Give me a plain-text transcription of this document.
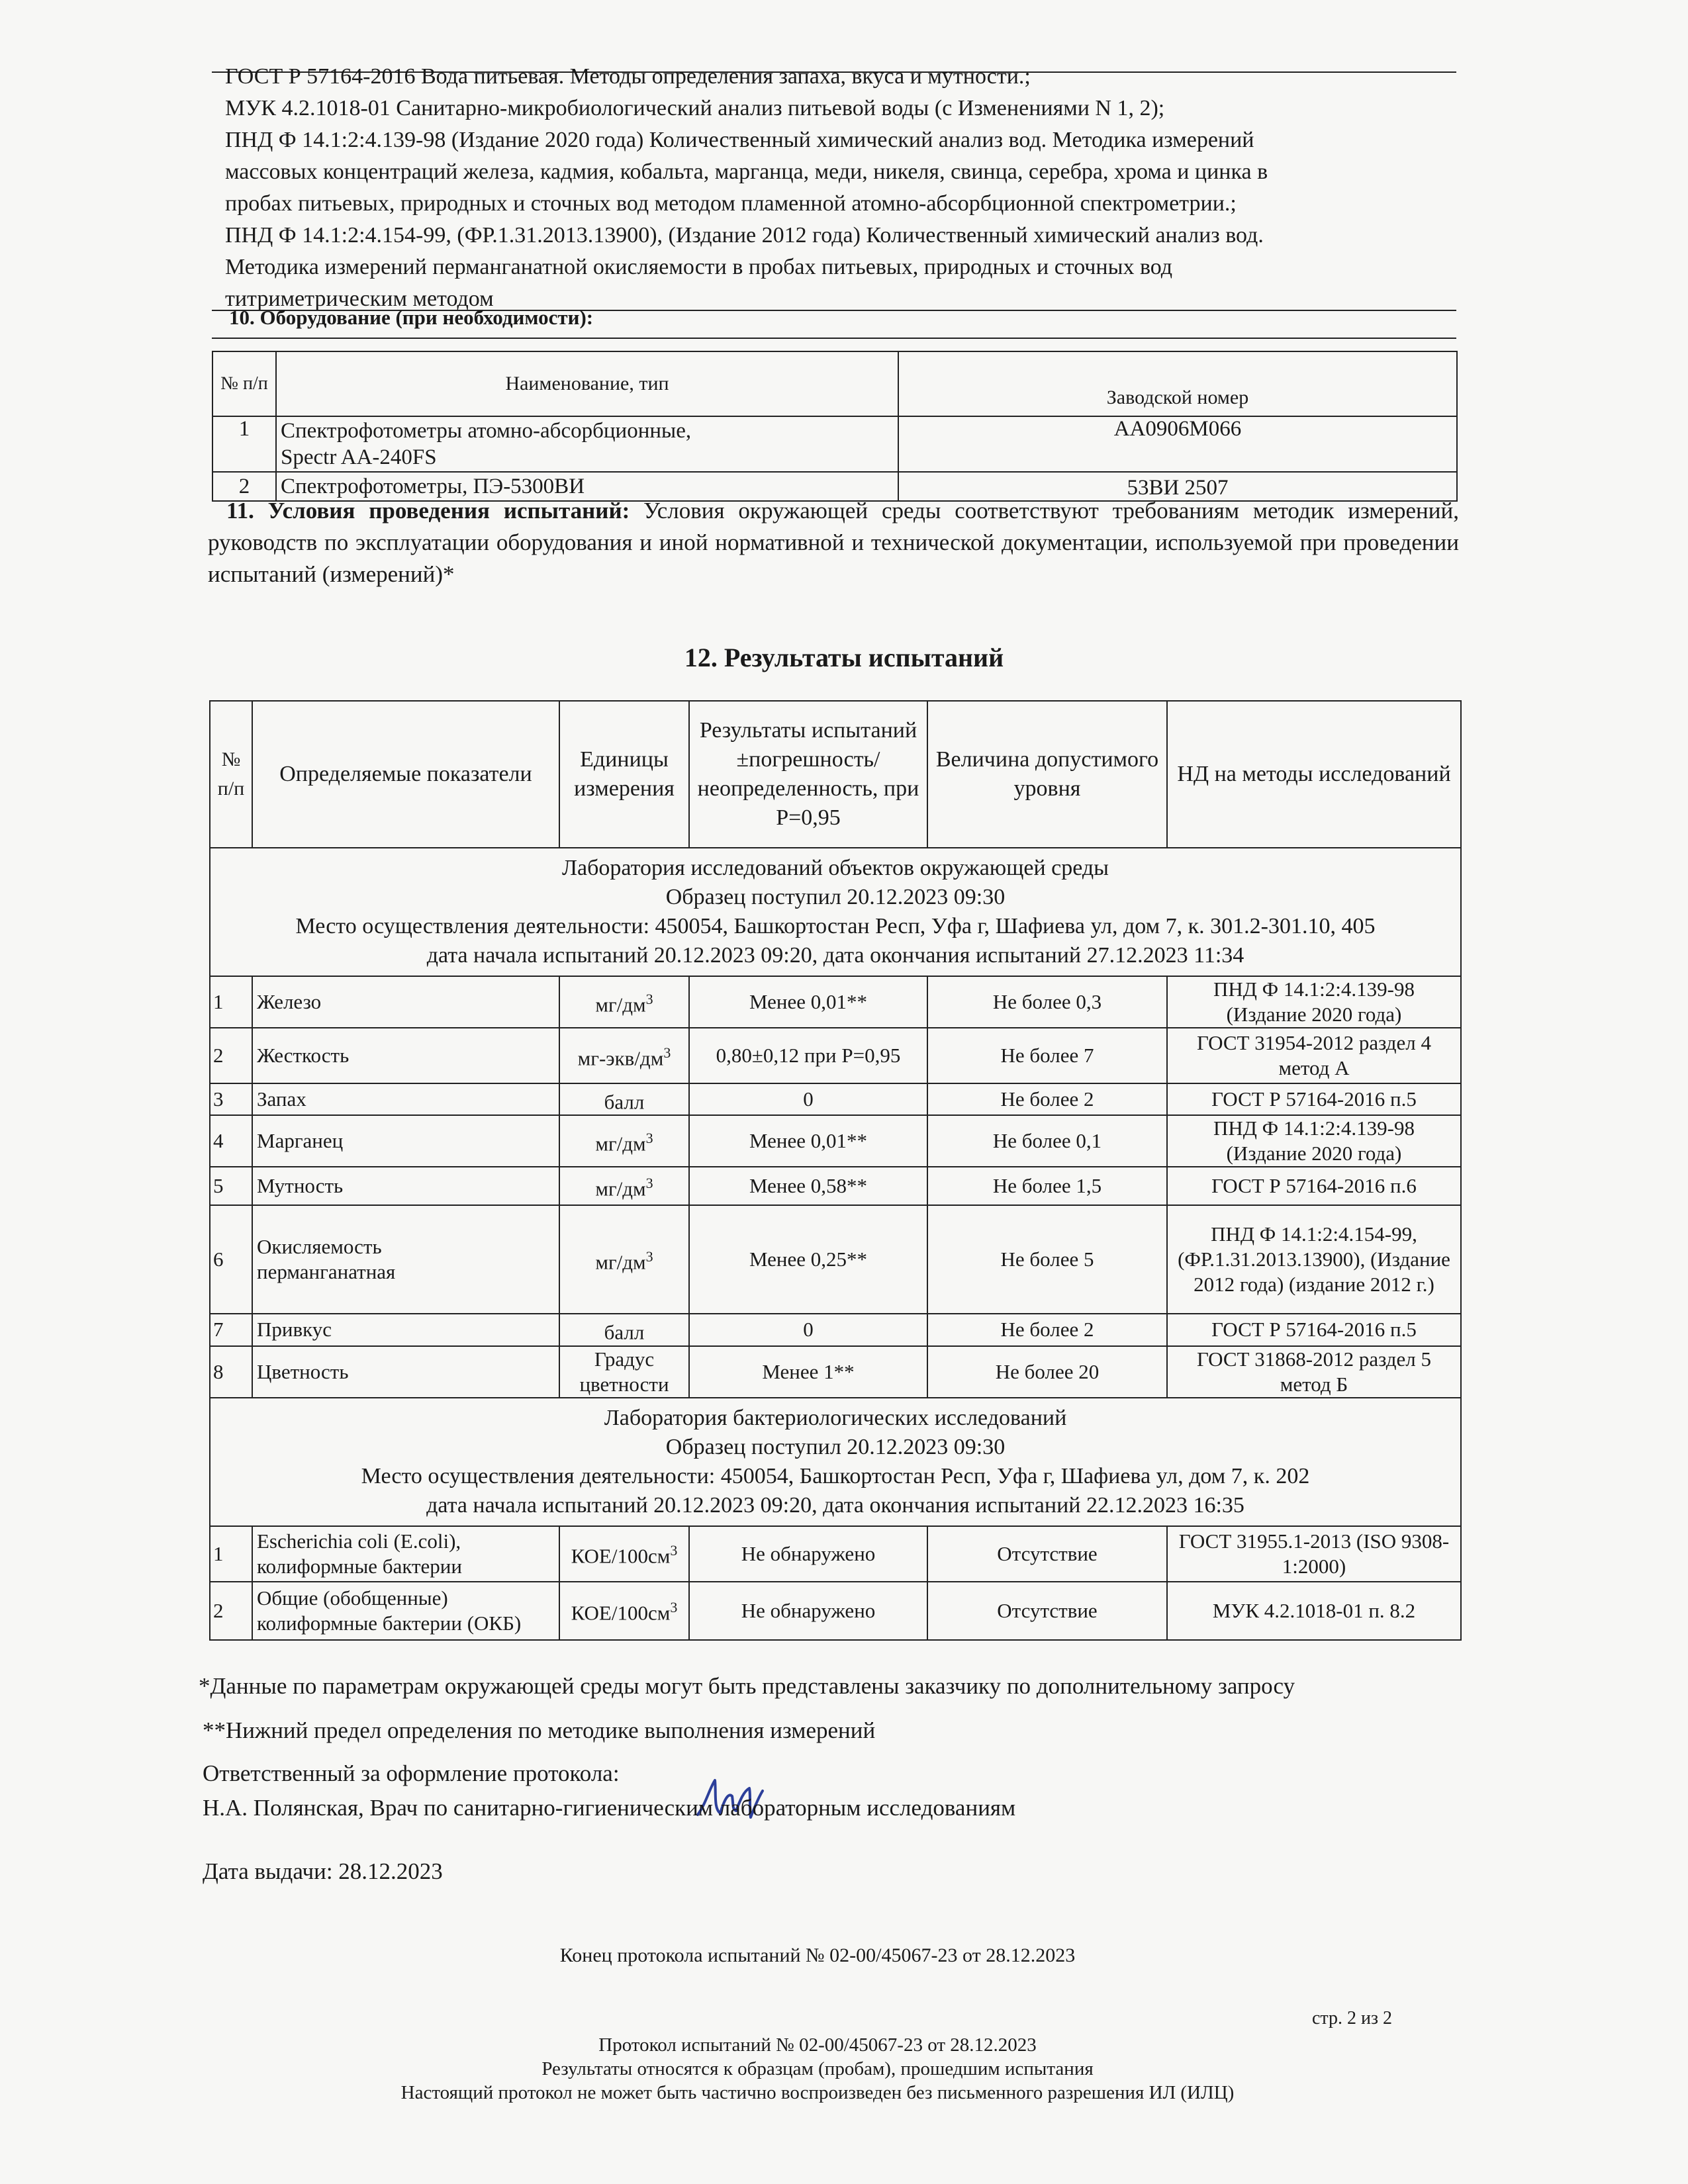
ГОСТ Р 57164-2016 Вода питьевая. Методы определения запаха, вкуса и мутности.;
МУК 4.2.1018-01 Санитарно-микробиологический анализ питьевой воды (с Изменениями N 1, 2);
ПНД Ф 14.1:2:4.139-98 (Издание 2020 года) Количественный химический анализ вод. Методика измерений
массовых концентраций железа, кадмия, кобальта, марганца, меди, никеля, свинца, серебра, хрома и цинка в
пробах питьевых, природных и сточных вод методом пламенной атомно-абсорбционной спектрометрии.;
ПНД Ф 14.1:2:4.154-99, (ФР.1.31.2013.13900), (Издание 2012 года) Количественный химический анализ вод.
Методика измерений перманганатной окисляемости в пробах питьевых, природных и сточных вод
титриметрическим методом
10. Оборудование (при необходимости):
№ п/п	Наименование, тип	Заводской номер
1	Спектрофотометры атомно-абсорбционные, Spectr AA-240FS	AA0906M066
2	Спектрофотометры, ПЭ-5300ВИ	53ВИ 2507
11. Условия проведения испытаний: Условия окружающей среды соответствуют требованиям методик измерений, руководств по эксплуатации оборудования и иной нормативной и технической документации, используемой при проведении испытаний (измерений)*
12. Результаты испытаний
№ п/п	Определяемые показатели	Единицы измерения	Результаты испытаний ±погрешность/ неопределенность, при Р=0,95	Величина допустимого уровня	НД на методы исследований

Лаборатория исследований объектов окружающей среды
Образец поступил 20.12.2023 09:30
Место осуществления деятельности: 450054, Башкортостан Респ, Уфа г, Шафиева ул, дом 7, к. 301.2-301.10, 405
дата начала испытаний 20.12.2023 09:20, дата окончания испытаний 27.12.2023 11:34					

1	Железо	$мг/дм^3$	Менее 0,01**	Не более 0,3	ПНД Ф 14.1:2:4.139-98 (Издание 2020 года)
2	Жесткость	$мг-экв/дм^3$	0,80±0,12 при Р=0,95	Не более 7	ГОСТ 31954-2012 раздел 4 метод А
3	Запах	балл	0	Не более 2	ГОСТ Р 57164-2016 п.5
4	Марганец	$мг/дм^3$	Менее 0,01**	Не более 0,1	ПНД Ф 14.1:2:4.139-98 (Издание 2020 года)
5	Мутность	$мг/дм^3$	Менее 0,58**	Не более 1,5	ГОСТ Р 57164-2016 п.6
6	Окисляемость перманганатная	$мг/дм^3$	Менее 0,25**	Не более 5	ПНД Ф 14.1:2:4.154-99, (ФР.1.31.2013.13900), (Издание 2012 года) (издание 2012 г.)
7	Привкус	балл	0	Не более 2	ГОСТ Р 57164-2016 п.5
8	Цветность	Градус цветности	Менее 1**	Не более 20	ГОСТ 31868-2012 раздел 5 метод Б

Лаборатория бактериологических исследований
Образец поступил 20.12.2023 09:30
Место осуществления деятельности: 450054, Башкортостан Респ, Уфа г, Шафиева ул, дом 7, к. 202
дата начала испытаний 20.12.2023 09:20, дата окончания испытаний 22.12.2023 16:35					

1	Escherichia coli (E.coli), колиформные бактерии	КОЕ/$100см^3$	Не обнаружено	Отсутствие	ГОСТ 31955.1-2013 (ISO 9308-1:2000)
2	Общие (обобщенные) колиформные бактерии (ОКБ)	КОЕ/$100см^3$	Не обнаружено	Отсутствие	МУК 4.2.1018-01 п. 8.2
*Данные по параметрам окружающей среды могут быть представлены заказчику по дополнительному запросу
**Нижний предел определения по методике выполнения измерений
Ответственный за оформление протокола:
Н.А. Полянская, Врач по санитарно-гигиеническим лабораторным исследованиям
Дата выдачи: 28.12.2023
Конец протокола испытаний № 02-00/45067-23 от 28.12.2023
стр. 2 из 2
Протокол испытаний № 02-00/45067-23 от 28.12.2023
Результаты относятся к образцам (пробам), прошедшим испытания
Настоящий протокол не может быть частично воспроизведен без письменного разрешения ИЛ (ИЛЦ)
